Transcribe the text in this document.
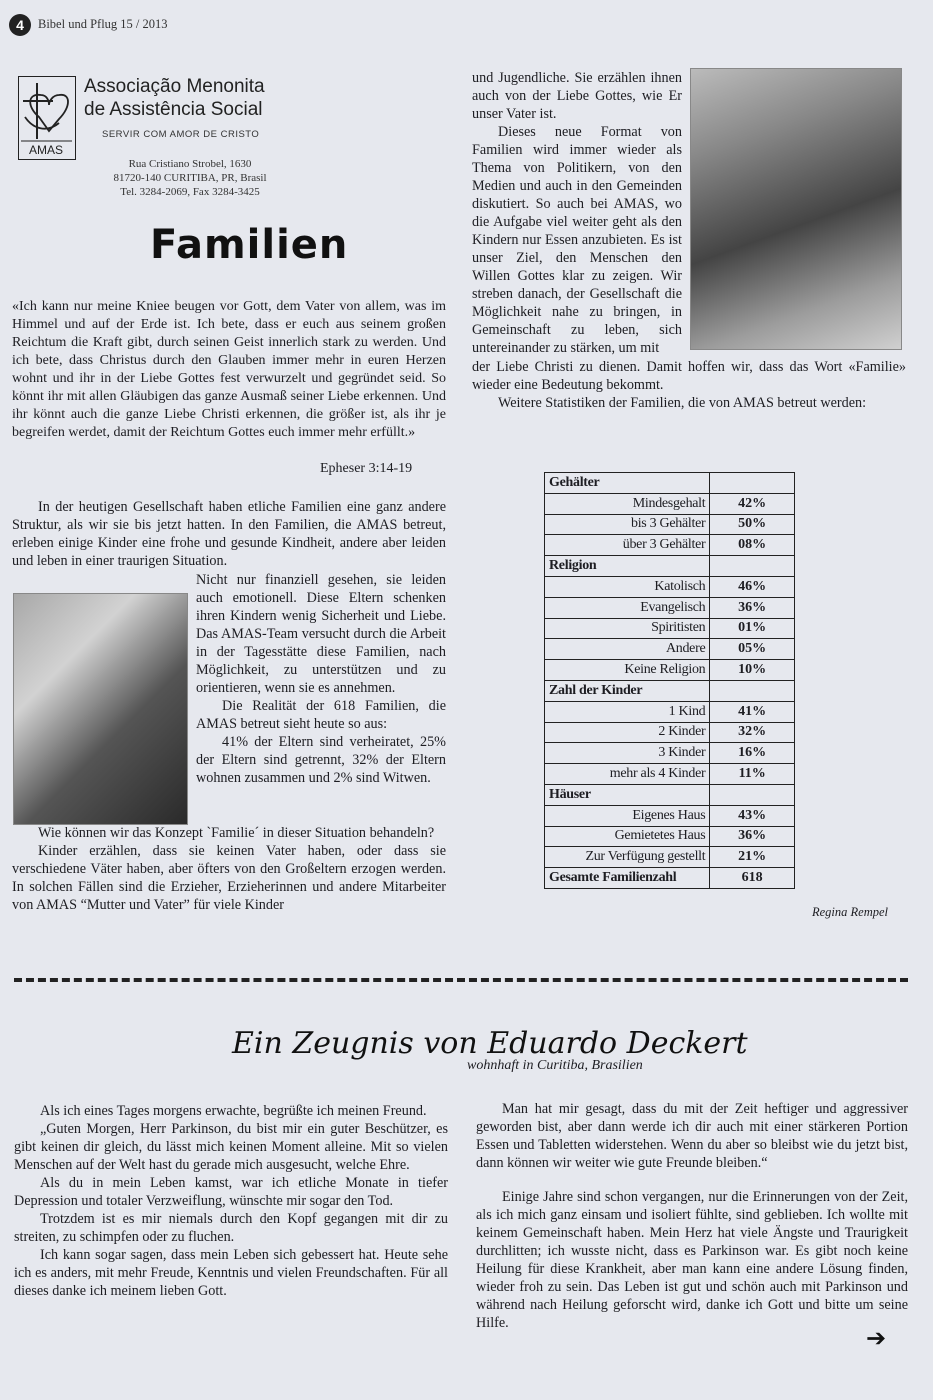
4	Bibel und Pflug 15 / 2013
AMAS
Associação Menonita
de Assistência Social
SERVIR COM AMOR DE CRISTO
Rua Cristiano Strobel, 1630
81720-140 CURITIBA, PR, Brasil
Tel. 3284-2069, Fax 3284-3425
Familien

«Ich kann nur meine Kniee beugen vor Gott, dem Vater von allem, was im Himmel und auf der Erde ist. Ich bete, dass er euch aus seinem großen Reichtum die Kraft gibt, durch seinen Geist innerlich stark zu werden. Und ich bete, dass Christus durch den Glauben immer mehr in euren Herzen wohnt und ihr in der Liebe Gottes fest verwurzelt und gegründet seid. So könnt ihr mit allen Gläubigen das ganze Ausmaß seiner Liebe erkennen. Und ihr könnt auch die ganze Liebe Christi erkennen, die größer ist, als ihr je begreifen werdet, damit der Reichtum Gottes euch immer mehr erfüllt.»

Epheser 3:14-19

In der heutigen Gesellschaft haben etliche Familien eine ganz andere Struktur, als wir sie bis jetzt hatten. In den Familien, die AMAS betreut, erleben einige Kinder eine frohe und gesunde Kindheit, andere aber leiden und leben in einer traurigen Situation.

Nicht nur finanziell gesehen, sie leiden auch emotionell. Diese Eltern schenken ihren Kindern wenig Sicherheit und Liebe. Das AMAS-Team versucht durch die Arbeit in der Tagesstätte diese Familien, nach Möglichkeit, zu unterstützen und zu orientieren, wenn sie es annehmen.

Die Realität der 618 Familien, die AMAS betreut sieht heute so aus:

41% der Eltern sind verheiratet, 25% der Eltern sind getrennt, 32% der Eltern wohnen zusammen und 2% sind Witwen.

Wie können wir das Konzept `Familie´ in dieser Situation behandeln?

Kinder erzählen, dass sie keinen Vater haben, oder dass sie verschiedene Väter haben, aber öfters von den Großeltern erzogen werden. In solchen Fällen sind die Erzieher, Erzieherinnen und andere Mitarbeiter von AMAS “Mutter und Vater” für viele Kinder

und Jugendliche. Sie erzählen ihnen auch von der Liebe Gottes, wie Er unser Vater ist.

Dieses neue Format von Familien wird immer wieder als Thema von Politikern, von den Medien und auch in den Gemeinden diskutiert. So auch bei AMAS, wo die Aufgabe viel weiter geht als den Kindern nur Essen anzubieten. Es ist unser Ziel, den Menschen den Willen Gottes klar zu zeigen. Wir streben danach, der Gesellschaft die Möglichkeit nahe zu bringen, in Gemeinschaft zu leben, sich untereinander zu stärken, um mit

der Liebe Christi zu dienen. Damit hoffen wir, dass das Wort «Familie» wieder eine Bedeutung bekommt.

Weitere Statistiken der Familien, die von AMAS betreut werden:

Gehälter	
Mindesgehalt	42%
bis 3 Gehälter	50%
über 3 Gehälter	08%
Religion	
Katolisch	46%
Evangelisch	36%
Spiritisten	01%
Andere	05%
Keine Religion	10%
Zahl der Kinder	
1 Kind	41%
2 Kinder	32%
3 Kinder	16%
mehr als 4 Kinder	11%
Häuser	
Eigenes Haus	43%
Gemietetes Haus	36%
Zur Verfügung gestellt	21%
Gesamte Familienzahl	618
Regina Rempel
Ein Zeugnis von Eduardo Deckert
wohnhaft in Curitiba, Brasilien

Als ich eines Tages morgens erwachte, begrüßte ich meinen Freund.

„Guten Morgen, Herr Parkinson, du bist mir ein guter Beschützer, es gibt keinen dir gleich, du lässt mich keinen Moment alleine. Mit so vielen Menschen auf der Welt hast du gerade mich ausgesucht, welche Ehre.

Als du in mein Leben kamst, war ich etliche Monate in tiefer Depression und totaler Verzweiflung, wünschte mir sogar den Tod.

Trotzdem ist es mir niemals durch den Kopf gegangen mit dir zu streiten, zu schimpfen oder zu fluchen.

Ich kann sogar sagen, dass mein Leben sich gebessert hat. Heute sehe ich es anders, mit mehr Freude, Kenntnis und vielen Freundschaften. Für all dieses danke ich meinem lieben Gott.

Man hat mir gesagt, dass du mit der Zeit heftiger und aggressiver geworden bist, aber dann werde ich dir auch mit einer stärkeren Portion Essen und Tabletten widerstehen. Wenn du aber so bleibst wie du jetzt bist, dann können wir weiter wie gute Freunde bleiben.“

Einige Jahre sind schon vergangen, nur die Erinnerungen von der Zeit, als ich mich ganz einsam und isoliert fühlte, sind geblieben. Ich wollte mit keinem Gemeinschaft haben. Mein Herz hat viele Ängste und Traurigkeit durchlitten; ich wusste nicht, dass es Parkinson war. Es gibt noch keine Heilung für diese Krankheit, aber man kann eine andere Lösung finden, wieder froh zu sein. Das Leben ist gut und schön auch mit Parkinson und während nach Heilung geforscht wird, danke ich Gott und bitte um seine Hilfe.

➔
